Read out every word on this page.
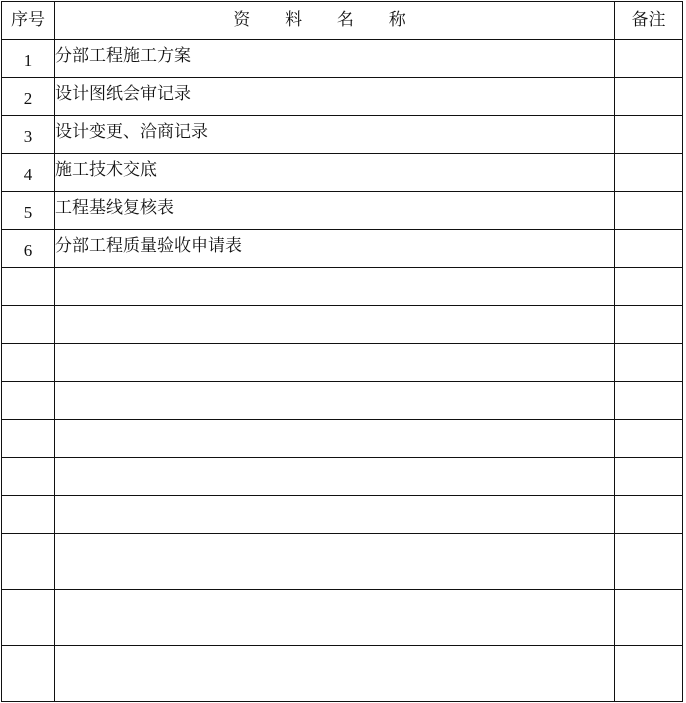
序号	资  料  名  称	备注
1	分部工程施工方案	
2	设计图纸会审记录	
3	设计变更、洽商记录	
4	施工技术交底	
5	工程基线复核表	
6	分部工程质量验收申请表	
